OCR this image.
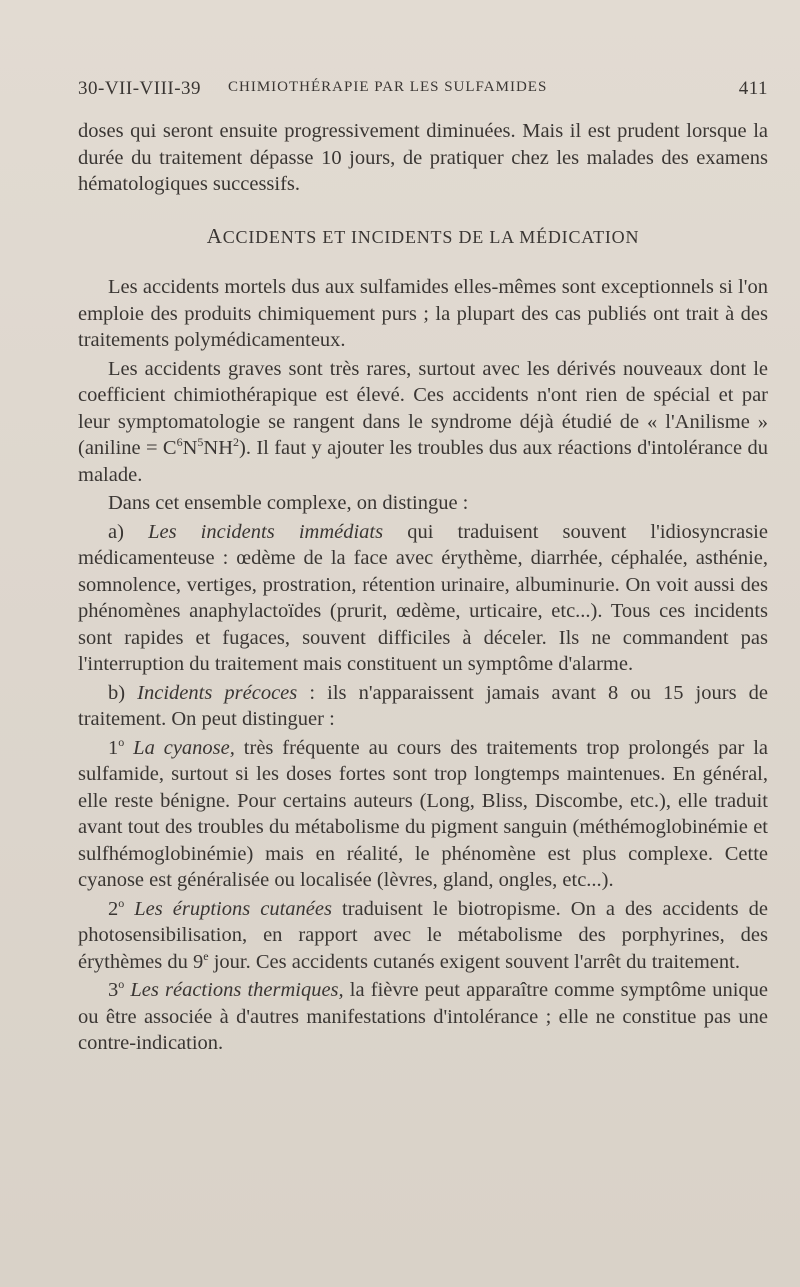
30-VII-VIII-39 CHIMIOTHÉRAPIE PAR LES SULFAMIDES	411

doses qui seront ensuite progressivement diminuées. Mais il est prudent lorsque la durée du traitement dépasse 10 jours, de pratiquer chez les malades des examens hématologiques successifs.

ACCIDENTS ET INCIDENTS DE LA MÉDICATION

Les accidents mortels dus aux sulfamides elles-mêmes sont exceptionnels si l'on emploie des produits chimiquement purs ; la plupart des cas publiés ont trait à des traitements polymédicamenteux.

Les accidents graves sont très rares, surtout avec les dérivés nouveaux dont le coefficient chimiothérapique est élevé. Ces accidents n'ont rien de spécial et par leur symptomatologie se rangent dans le syndrome déjà étudié de « l'Anilisme » (aniline = $C^6N^5NH^2$). Il faut y ajouter les troubles dus aux réactions d'intolérance du malade.

Dans cet ensemble complexe, on distingue :

a) Les incidents immédiats qui traduisent souvent l'idiosyncrasie médicamenteuse : œdème de la face avec érythème, diarrhée, céphalée, asthénie, somnolence, vertiges, prostration, rétention urinaire, albuminurie. On voit aussi des phénomènes anaphylactoïdes (prurit, œdème, urticaire, etc...). Tous ces incidents sont rapides et fugaces, souvent difficiles à déceler. Ils ne commandent pas l'interruption du traitement mais constituent un symptôme d'alarme.

b) Incidents précoces : ils n'apparaissent jamais avant 8 ou 15 jours de traitement. On peut distinguer :

1$^o$ La cyanose, très fréquente au cours des traitements trop prolongés par la sulfamide, surtout si les doses fortes sont trop longtemps maintenues. En général, elle reste bénigne. Pour certains auteurs (Long, Bliss, Discombe, etc.), elle traduit avant tout des troubles du métabolisme du pigment sanguin (méthémoglobinémie et sulfhémoglobinémie) mais en réalité, le phénomène est plus complexe. Cette cyanose est généralisée ou localisée (lèvres, gland, ongles, etc...).

2$^o$ Les éruptions cutanées traduisent le biotropisme. On a des accidents de photosensibilisation, en rapport avec le métabolisme des porphyrines, des érythèmes du 9e jour. Ces accidents cutanés exigent souvent l'arrêt du traitement.

3$^o$ Les réactions thermiques, la fièvre peut apparaître comme symptôme unique ou être associée à d'autres manifestations d'intolérance ; elle ne constitue pas une contre-indication.
